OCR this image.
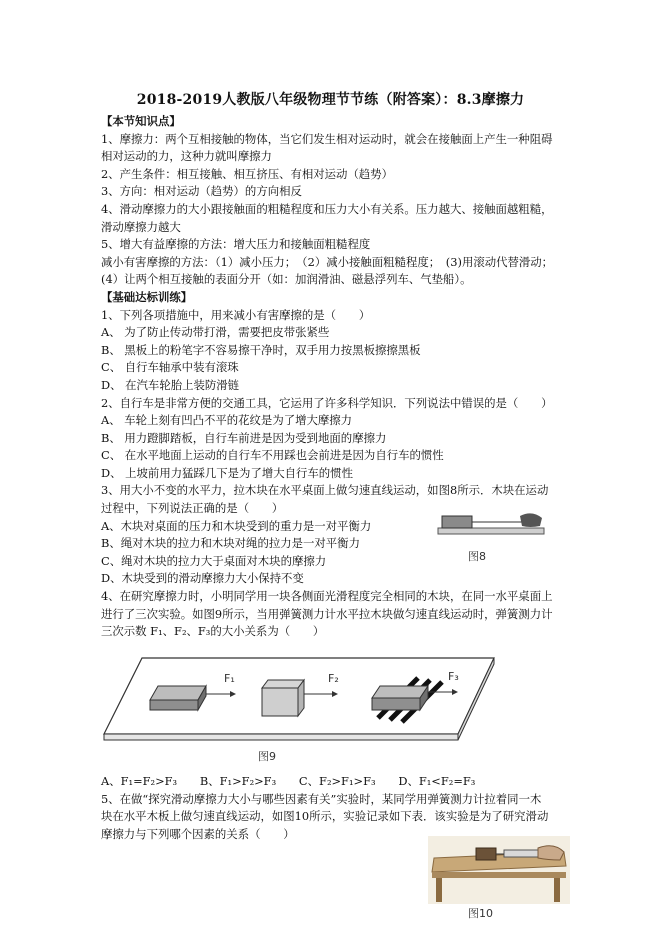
2018-2019人教版八年级物理节节练（附答案）：8.3摩擦力
【本节知识点】
1、摩擦力：两个互相接触的物体，当它们发生相对运动时，就会在接触面上产生一种阻碍
相对运动的力，这种力就叫摩擦力
2、产生条件：相互接触、相互挤压、有相对运动（趋势）
3、方向：相对运动（趋势）的方向相反
4、滑动摩擦力的大小跟接触面的粗糙程度和压力大小有关系。压力越大、接触面越粗糙，
滑动摩擦力越大
5、增大有益摩擦的方法：增大压力和接触面粗糙程度
减小有害摩擦的方法：（1）减小压力；　（2）减小接触面粗糙程度；　(3)用滚动代替滑动；
(4）让两个相互接触的表面分开（如：加润滑油、磁悬浮列车、气垫船）。
【基础达标训练】
1、下列各项措施中，用来减小有害摩擦的是（　　）
A、 为了防止传动带打滑，需要把皮带张紧些
B、 黑板上的粉笔字不容易擦干净时，双手用力按黑板擦擦黑板
C、 自行车轴承中装有滚珠
D、 在汽车轮胎上装防滑链
2、自行车是非常方便的交通工具，它运用了许多科学知识．下列说法中错误的是（　　）
A、 车轮上刻有凹凸不平的花纹是为了增大摩擦力
B、 用力蹬脚踏板，自行车前进是因为受到地面的摩擦力
C、 在水平地面上运动的自行车不用踩也会前进是因为自行车的惯性
D、 上坡前用力猛踩几下是为了增大自行车的惯性
3、用大小不变的水平力，拉木块在水平桌面上做匀速直线运动，如图8所示．木块在运动
过程中，下列说法正确的是（　　）
A、木块对桌面的压力和木块受到的重力是一对平衡力
B、绳对木块的拉力和木块对绳的拉力是一对平衡力
C、绳对木块的拉力大于桌面对木块的摩擦力
D、木块受到的滑动摩擦力大小保持不变
4、在研究摩擦力时，小明同学用一块各侧面光滑程度完全相同的木块，在同一水平桌面上
进行了三次实验。如图9所示，当用弹簧测力计水平拉木块做匀速直线运动时，弹簧测力计
三次示数 F₁、F₂、F₃的大小关系为（　　）
图8
F₁	F₂	F₃
图9
A、F₁=F₂>F₃　　B、F₁>F₂>F₃　　C、F₂>F₁>F₃　　D、F₁<F₂=F₃
5、在做“探究滑动摩擦力大小与哪些因素有关”实验时，某同学用弹簧测力计拉着同一木
块在水平木板上做匀速直线运动，如图10所示，实验记录如下表．该实验是为了研究滑动
摩擦力与下列哪个因素的关系（　　）
图10
